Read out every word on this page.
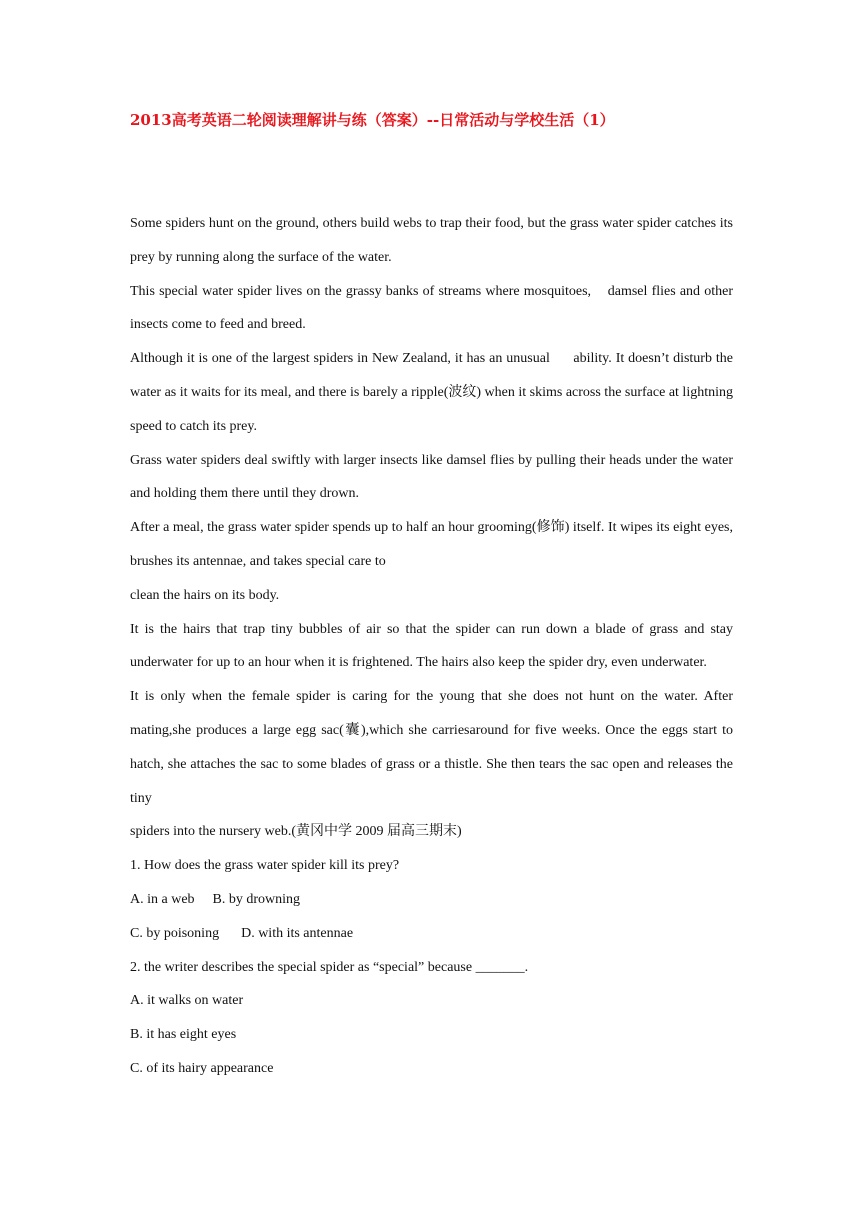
2013高考英语二轮阅读理解讲与练（答案）--日常活动与学校生活（1）

Some spiders hunt on the ground, others build webs to trap their food, but the grass water spider catches its prey by running along the surface of the water.

This special water spider lives on the grassy banks of streams where mosquitoes,    damsel flies and other insects come to feed and breed.

Although it is one of the largest spiders in New Zealand, it has an unusual      ability. It doesn’t disturb the water as it waits for its meal, and there is barely a ripple(波纹) when it skims across the surface at lightning speed to catch its prey.

Grass water spiders deal swiftly with larger insects like damsel flies by pulling their heads under the water and holding them there until they drown.

After a meal, the grass water spider spends up to half an hour grooming(修饰) itself. It wipes its eight eyes, brushes its antennae, and takes special care to

clean the hairs on its body.

It is the hairs that trap tiny bubbles of air so that the spider can run down a blade of grass and stay underwater for up to an hour when it is frightened. The hairs also keep the spider dry, even underwater.

It is only when the female spider is caring for the young that she does not hunt on the water. After mating,she produces a large egg sac(囊),which she carriesaround for five weeks. Once the eggs start to hatch, she attaches the sac to some blades of grass or a thistle. She then tears the sac open and releases the tiny

spiders into the nursery web.(黄冈中学 2009 届高三期末)

1. How does the grass water spider kill its prey?

A. in a web B. by drowning

C. by poisoning D. with its antennae

2. the writer describes the special spider as “special” because _______.

A. it walks on water

B. it has eight eyes

C. of its hairy appearance
